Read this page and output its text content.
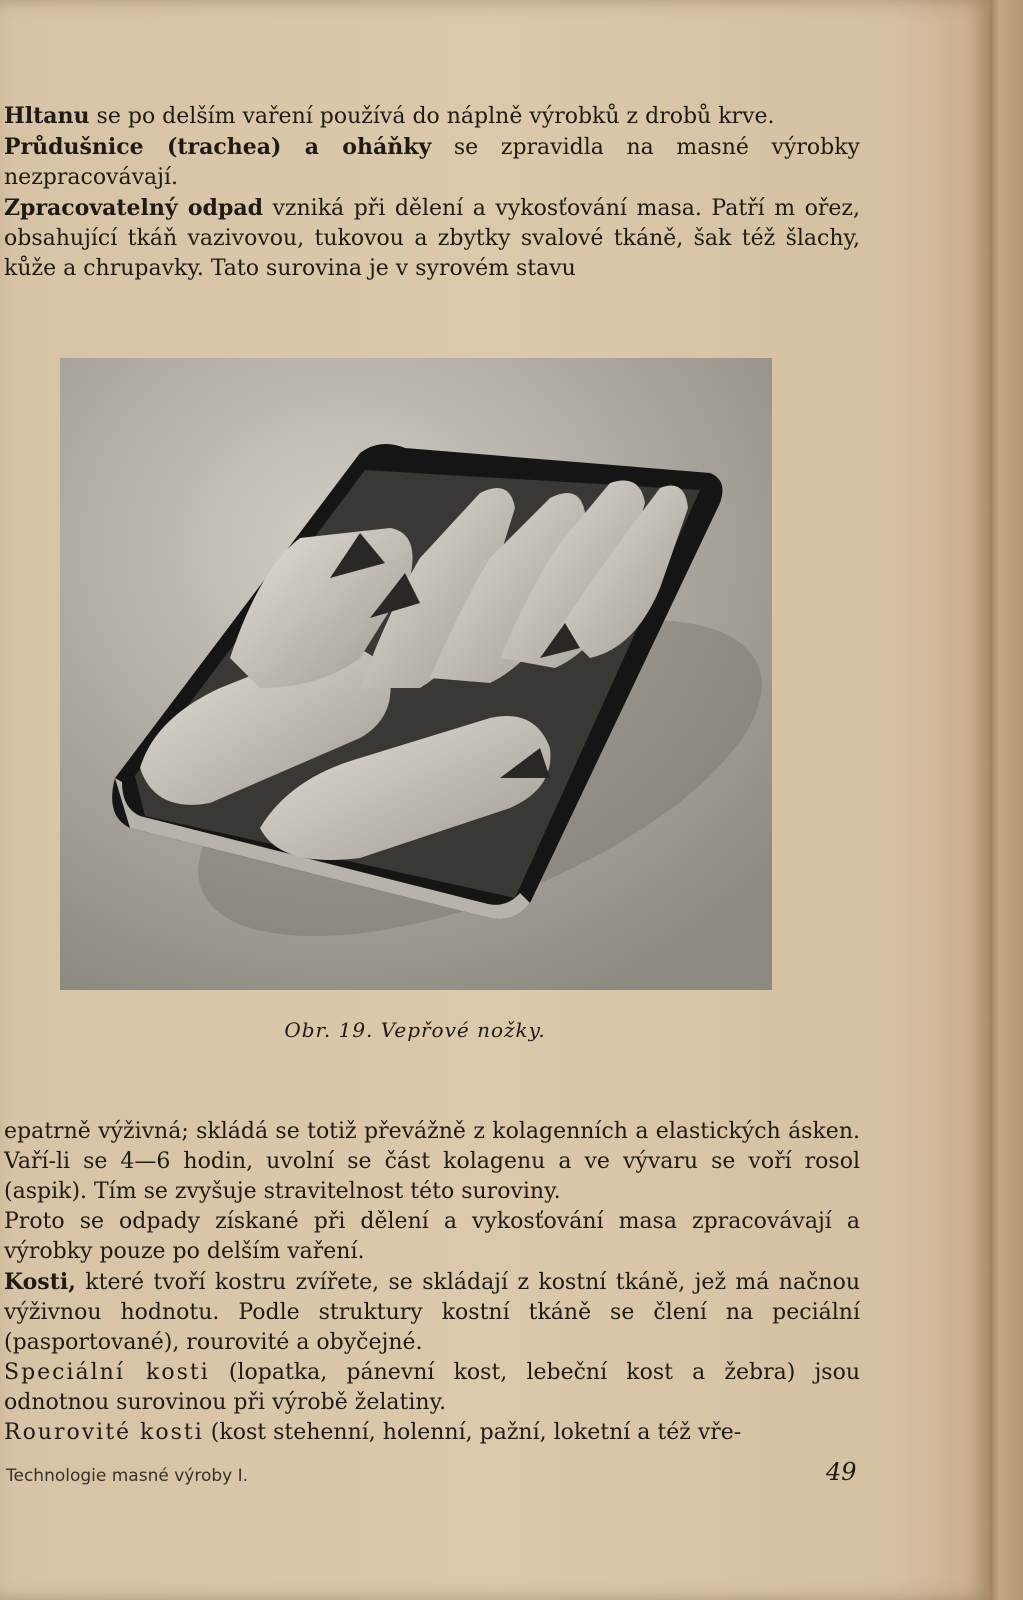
Hltanu se po delším vaření používá do náplně výrobků z drobů krve.

Průdušnice (trachea) a oháňky se zpravidla na masné výrobky nezpracovávají.

Zpracovatelný odpad vzniká při dělení a vykosťování masa. Patří m ořez, obsahující tkáň vazivovou, tukovou a zbytky svalové tkáně, šak též šlachy, kůže a chrupavky. Tato surovina je v syrovém stavu

Obr. 19. Vepřové nožky.

epatrně výživná; skládá se totiž převážně z kolagenních a elastických ásken. Vaří-li se 4—6 hodin, uvolní se část kolagenu a ve vývaru se voří rosol (aspik). Tím se zvyšuje stravitelnost této suroviny.

Proto se odpady získané při dělení a vykosťování masa zpracovávají a výrobky pouze po delším vaření.

Kosti, které tvoří kostru zvířete, se skládají z kostní tkáně, jež má načnou výživnou hodnotu. Podle struktury kostní tkáně se člení na peciální (pasportované), rourovité a obyčejné.

Speciální kosti (lopatka, pánevní kost, lebeční kost a žebra) jsou odnotnou surovinou při výrobě želatiny.

Rourovité kosti (kost stehenní, holenní, pažní, loketní a též vře-

Technologie masné výroby I.	49
